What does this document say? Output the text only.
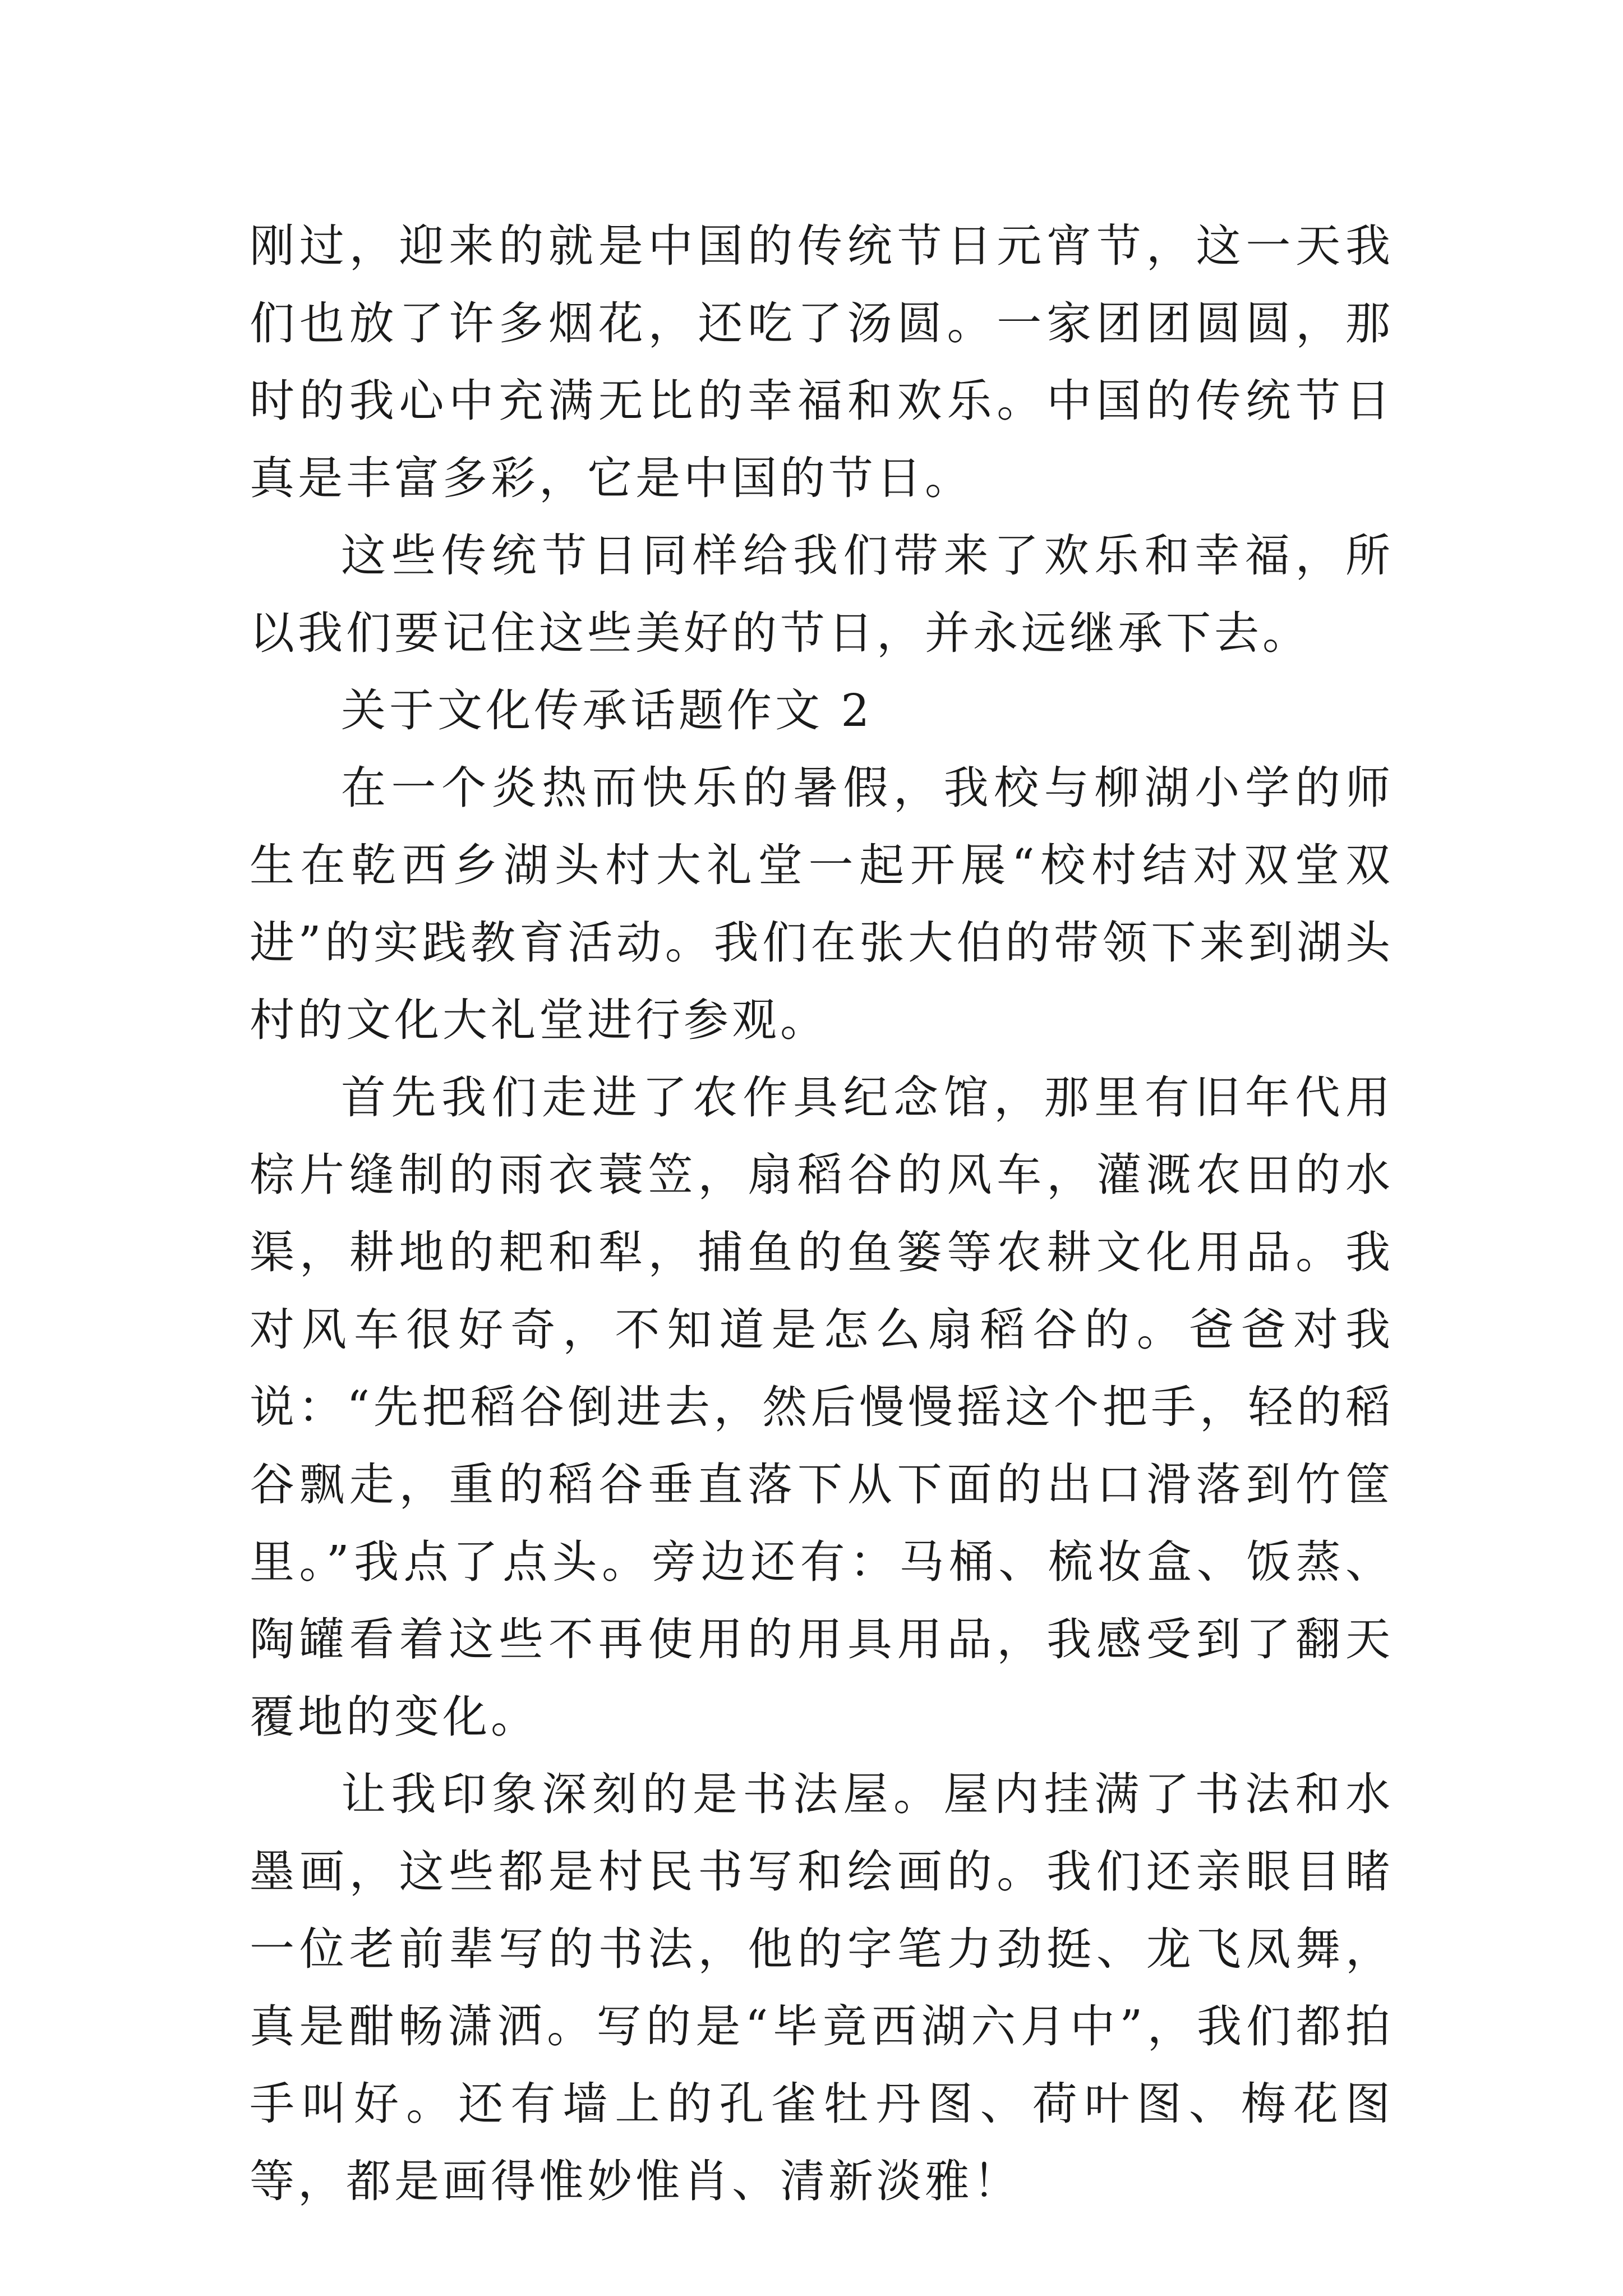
刚过，迎来的就是中国的传统节日元宵节，这一天我们也放了许多烟花，还吃了汤圆。一家团团圆圆，那时的我心中充满无比的幸福和欢乐。中国的传统节日真是丰富多彩，它是中国的节日。

这些传统节日同样给我们带来了欢乐和幸福，所以我们要记住这些美好的节日，并永远继承下去。

关于文化传承话题作文 2

在一个炎热而快乐的暑假，我校与柳湖小学的师生在乾西乡湖头村大礼堂一起开展“校村结对双堂双进”的实践教育活动。我们在张大伯的带领下来到湖头村的文化大礼堂进行参观。

首先我们走进了农作具纪念馆，那里有旧年代用棕片缝制的雨衣蓑笠，扇稻谷的风车，灌溉农田的水渠，耕地的耙和犁，捕鱼的鱼篓等农耕文化用品。我对风车很好奇，不知道是怎么扇稻谷的。爸爸对我说：“先把稻谷倒进去，然后慢慢摇这个把手，轻的稻谷飘走，重的稻谷垂直落下从下面的出口滑落到竹筐里。”我点了点头。旁边还有：马桶、梳妆盒、饭蒸、陶罐看着这些不再使用的用具用品，我感受到了翻天覆地的变化。

让我印象深刻的是书法屋。屋内挂满了书法和水墨画，这些都是村民书写和绘画的。我们还亲眼目睹一位老前辈写的书法，他的字笔力劲挺、龙飞凤舞，真是酣畅潇洒。写的是“毕竟西湖六月中”，我们都拍手叫好。还有墙上的孔雀牡丹图、荷叶图、梅花图等，都是画得惟妙惟肖、清新淡雅！
